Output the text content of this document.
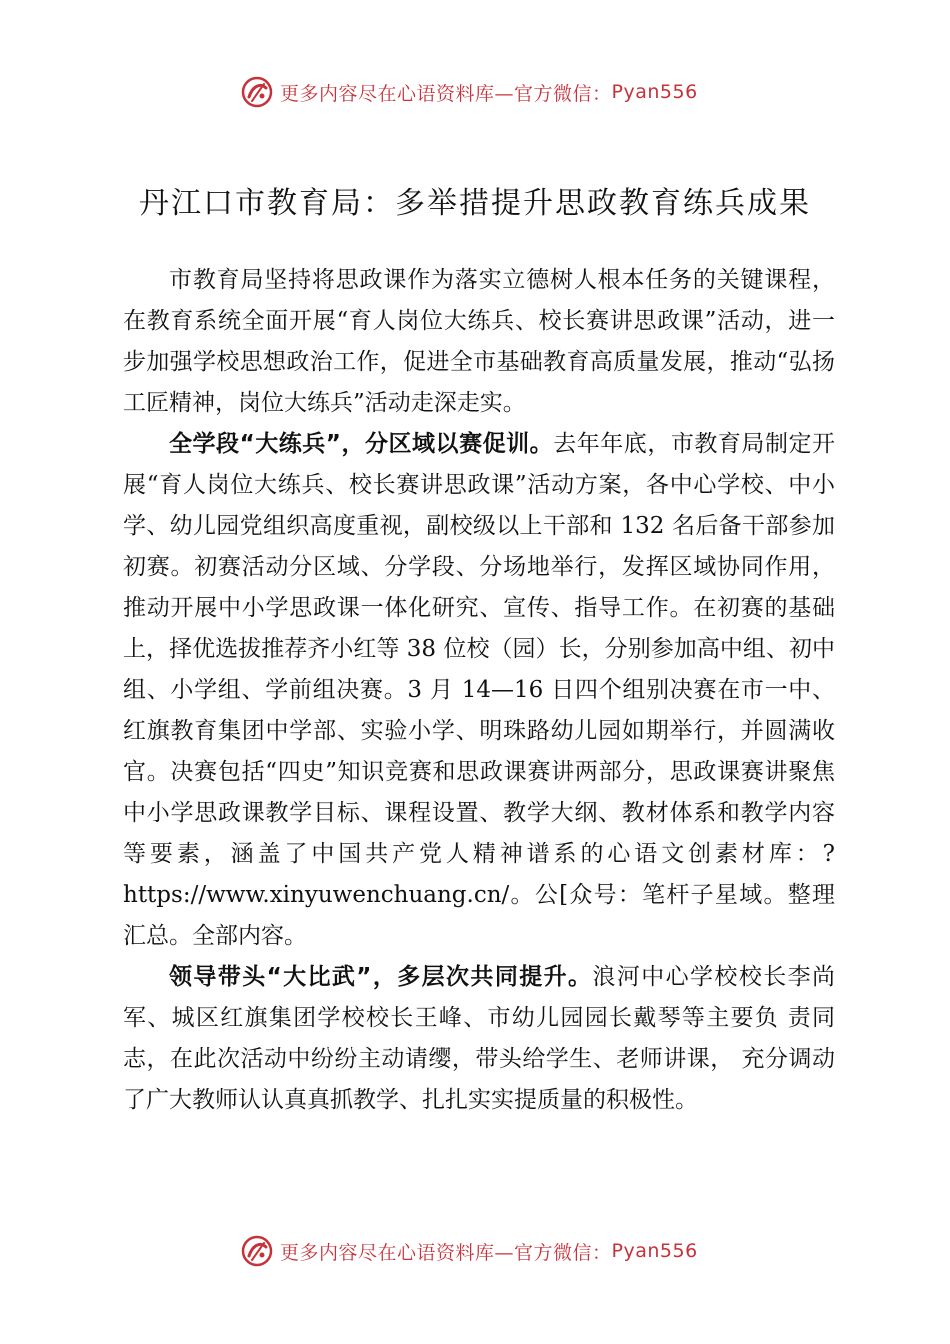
更多内容尽在心语资料库—官方微信： Pyan556
丹江口市教育局：多举措提升思政教育练兵成果

市教育局坚持将思政课作为落实立德树人根本任务的关键课程，在教育系统全面开展“育人岗位大练兵、校长赛讲思政课”活动，进一步加强学校思想政治工作，促进全市基础教育高质量发展，推动“弘扬工匠精神，岗位大练兵”活动走深走实。

全学段“大练兵”，分区域以赛促训。去年年底，市教育局制定开展“育人岗位大练兵、校长赛讲思政课”活动方案，各中心学校、中小学、幼儿园党组织高度重视，副校级以上干部和 132 名后备干部参加初赛。初赛活动分区域、分学段、分场地举行，发挥区域协同作用，推动开展中小学思政课一体化研究、宣传、指导工作。在初赛的基础上，择优选拔推荐齐小红等 38 位校（园）长，分别参加高中组、初中组、小学组、学前组决赛。3 月 14—16 日四个组别决赛在市一中、红旗教育集团中学部、实验小学、明珠路幼儿园如期举行，并圆满收官。决赛包括“四史”知识竞赛和思政课赛讲两部分，思政课赛讲聚焦中小学思政课教学目标、课程设置、教学大纲、教材体系和教学内容等要素，涵盖了中国共产党人精神谱系的心语文创素材库：?https://www.xinyuwenchuang.cn/。公[众号：笔杆子星域。整理汇总。全部内容。

领导带头“大比武”，多层次共同提升。浪河中心学校校长李尚军、城区红旗集团学校校长王峰、市幼儿园园长戴琴等主要负 责同志，在此次活动中纷纷主动请缨，带头给学生、老师讲课， 充分调动了广大教师认认真真抓教学、扎扎实实提质量的积极性。

更多内容尽在心语资料库—官方微信： Pyan556
